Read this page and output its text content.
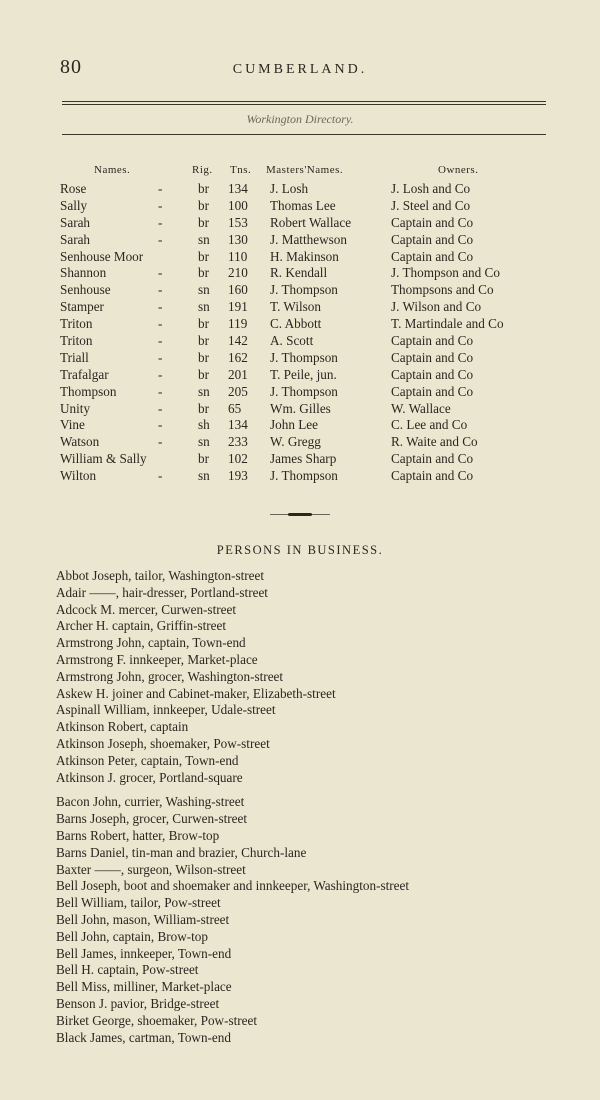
80	CUMBERLAND.
Workington Directory.
Names.	Rig. Tns. Masters'Names.	Owners.
Rose	-	br 134 J. Losh	J. Losh and Co
Sally	-	br 100 Thomas Lee	J. Steel and Co
Sarah	-	br 153 Robert Wallace	Captain and Co
Sarah	-	sn 130 J. Matthewson	Captain and Co
Senhouse Moor	br 110 H. Makinson	Captain and Co
Shannon	-	br 210 R. Kendall	J. Thompson and Co
Senhouse	-	sn 160 J. Thompson	Thompsons and Co
Stamper	-	sn 191 T. Wilson	J. Wilson and Co
Triton	-	br 119 C. Abbott	T. Martindale and Co
Triton	-	br 142 A. Scott	Captain and Co
Triall	-	br 162 J. Thompson	Captain and Co
Trafalgar	-	br 201 T. Peile, jun.	Captain and Co
Thompson	-	sn 205 J. Thompson	Captain and Co
Unity	-	br 65 Wm. Gilles	W. Wallace
Vine	-	sh 134 John Lee	C. Lee and Co
Watson	-	sn 233 W. Gregg	R. Waite and Co
William & Sally	br 102 James Sharp	Captain and Co
Wilton	-	sn 193 J. Thompson	Captain and Co
PERSONS IN BUSINESS.
Abbot Joseph, tailor, Washington-street
Adair ——, hair-dresser, Portland-street
Adcock M. mercer, Curwen-street
Archer H. captain, Griffin-street
Armstrong John, captain, Town-end
Armstrong F. innkeeper, Market-place
Armstrong John, grocer, Washington-street
Askew H. joiner and Cabinet-maker, Elizabeth-street
Aspinall William, innkeeper, Udale-street
Atkinson Robert, captain
Atkinson Joseph, shoemaker, Pow-street
Atkinson Peter, captain, Town-end
Atkinson J. grocer, Portland-square
Bacon John, currier, Washing-street
Barns Joseph, grocer, Curwen-street
Barns Robert, hatter, Brow-top
Barns Daniel, tin-man and brazier, Church-lane
Baxter ——, surgeon, Wilson-street
Bell Joseph, boot and shoemaker and innkeeper, Washington-street
Bell William, tailor, Pow-street
Bell John, mason, William-street
Bell John, captain, Brow-top
Bell James, innkeeper, Town-end
Bell H. captain, Pow-street
Bell Miss, milliner, Market-place
Benson J. pavior, Bridge-street
Birket George, shoemaker, Pow-street
Black James, cartman, Town-end
